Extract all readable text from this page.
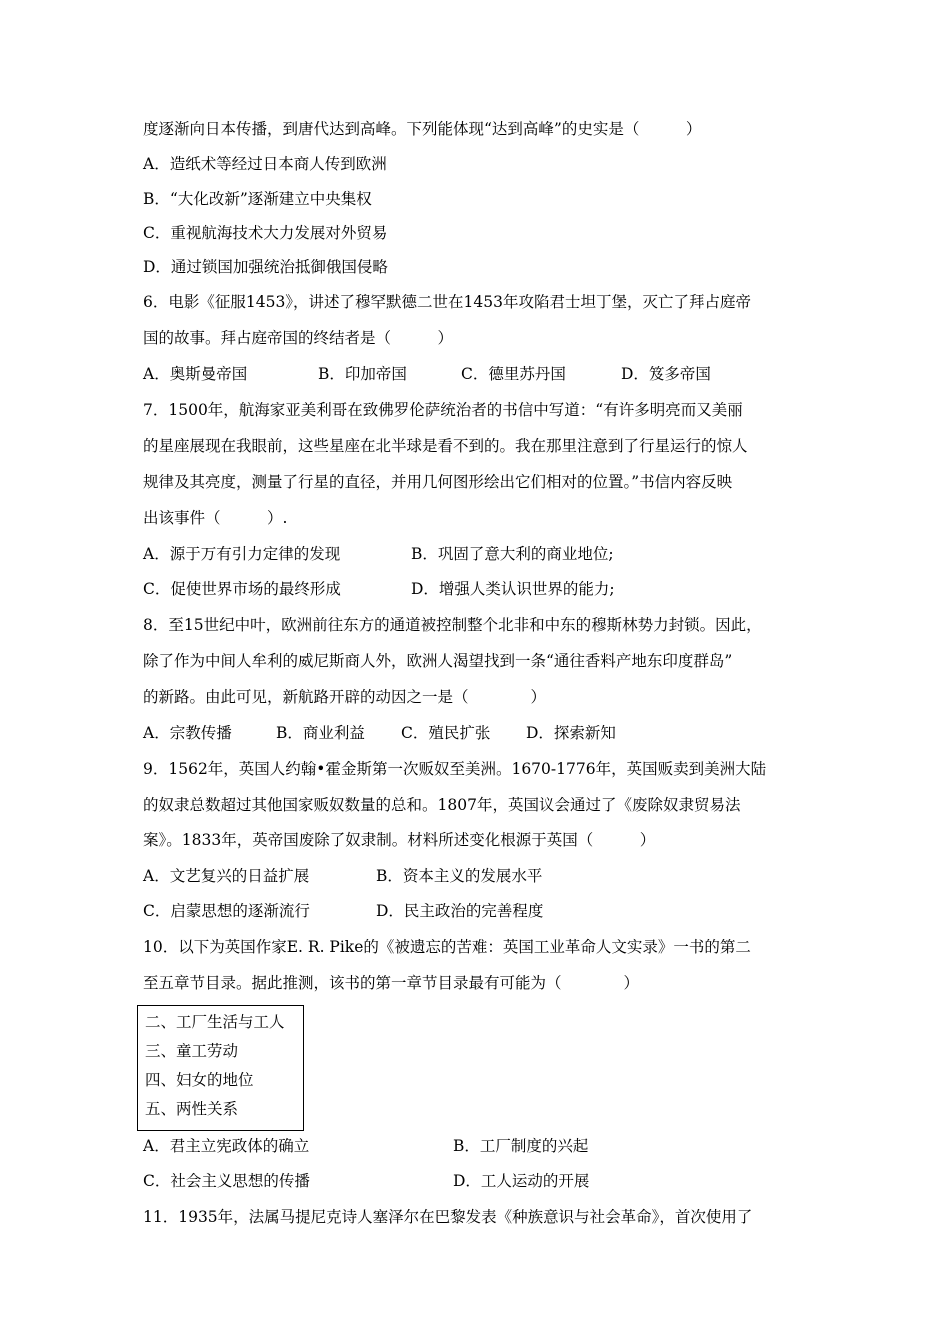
度逐渐向日本传播，到唐代达到高峰。下列能体现“达到高峰”的史实是（　　　）
A．造纸术等经过日本商人传到欧洲
B．“大化改新”逐渐建立中央集权
C．重视航海技术大力发展对外贸易
D．通过锁国加强统治抵御俄国侵略
6．电影《征服1453》，讲述了穆罕默德二世在1453年攻陷君士坦丁堡，灭亡了拜占庭帝
国的故事。拜占庭帝国的终结者是（　　　）
A．奥斯曼帝国	B．印加帝国	C．德里苏丹国	D．笈多帝国
7．1500年，航海家亚美利哥在致佛罗伦萨统治者的书信中写道：“有许多明亮而又美丽
的星座展现在我眼前，这些星座在北半球是看不到的。我在那里注意到了行星运行的惊人
规律及其亮度，测量了行星的直径，并用几何图形绘出它们相对的位置。”书信内容反映
出该事件（　　　）.
A．源于万有引力定律的发现	B．巩固了意大利的商业地位;
C．促使世界市场的最终形成	D．增强人类认识世界的能力;
8．至15世纪中叶，欧洲前往东方的通道被控制整个北非和中东的穆斯林势力封锁。因此，
除了作为中间人牟利的威尼斯商人外，欧洲人渴望找到一条“通往香料产地东印度群岛”
的新路。由此可见，新航路开辟的动因之一是（　　　　）
A．宗教传播	B．商业利益 C．殖民扩张 D．探索新知
9．1562年，英国人约翰•霍金斯第一次贩奴至美洲。1670-1776年，英国贩卖到美洲大陆
的奴隶总数超过其他国家贩奴数量的总和。1807年，英国议会通过了《废除奴隶贸易法
案》。1833年，英帝国废除了奴隶制。材料所述变化根源于英国（　　　）
A．文艺复兴的日益扩展	B．资本主义的发展水平
C．启蒙思想的逐渐流行	D．民主政治的完善程度
10．以下为英国作家E. R. Pike的《被遗忘的苦难：英国工业革命人文实录》一书的第二
至五章节目录。据此推测，该书的第一章节目录最有可能为（　　　　）
二、工厂生活与工人
三、童工劳动
四、妇女的地位
五、两性关系
A．君主立宪政体的确立	B．工厂制度的兴起
C．社会主义思想的传播	D．工人运动的开展
11．1935年，法属马提尼克诗人塞泽尔在巴黎发表《种族意识与社会革命》，首次使用了
